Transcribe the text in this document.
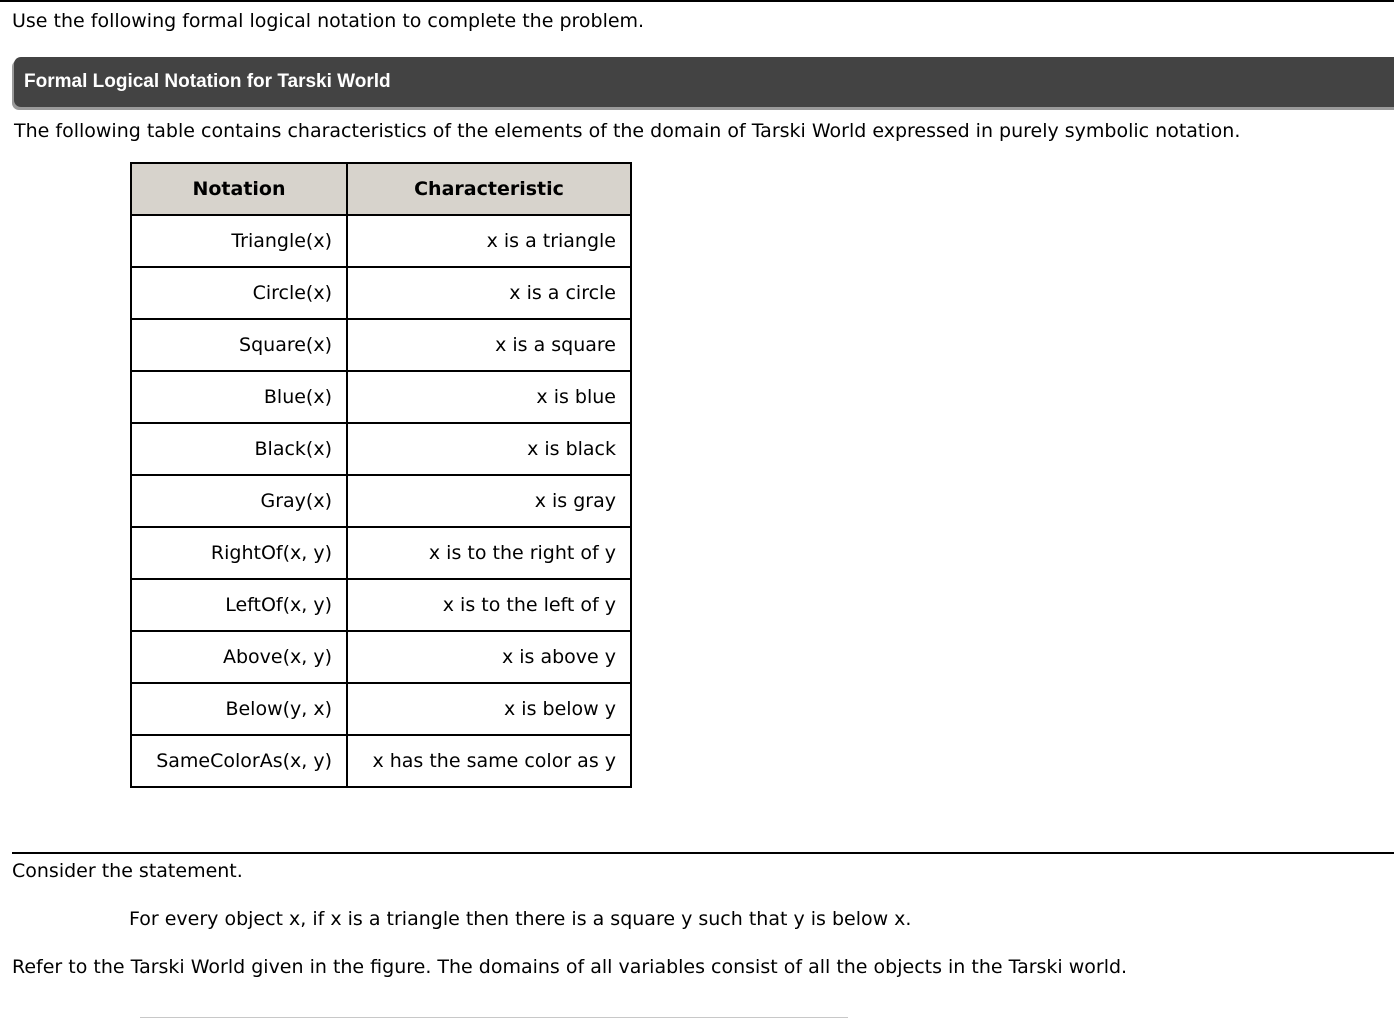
Use the following formal logical notation to complete the problem.
Formal Logical Notation for Tarski World
The following table contains characteristics of the elements of the domain of Tarski World expressed in purely symbolic notation.
Notation	Characteristic
Triangle(x)	x is a triangle
Circle(x)	x is a circle
Square(x)	x is a square
Blue(x)	x is blue
Black(x)	x is black
Gray(x)	x is gray
RightOf(x, y)	x is to the right of y
LeftOf(x, y)	x is to the left of y
Above(x, y)	x is above y
Below(y, x)	x is below y
SameColorAs(x, y)	x has the same color as y
Consider the statement.
For every object x, if x is a triangle then there is a square y such that y is below x.
Refer to the Tarski World given in the figure. The domains of all variables consist of all the objects in the Tarski world.
